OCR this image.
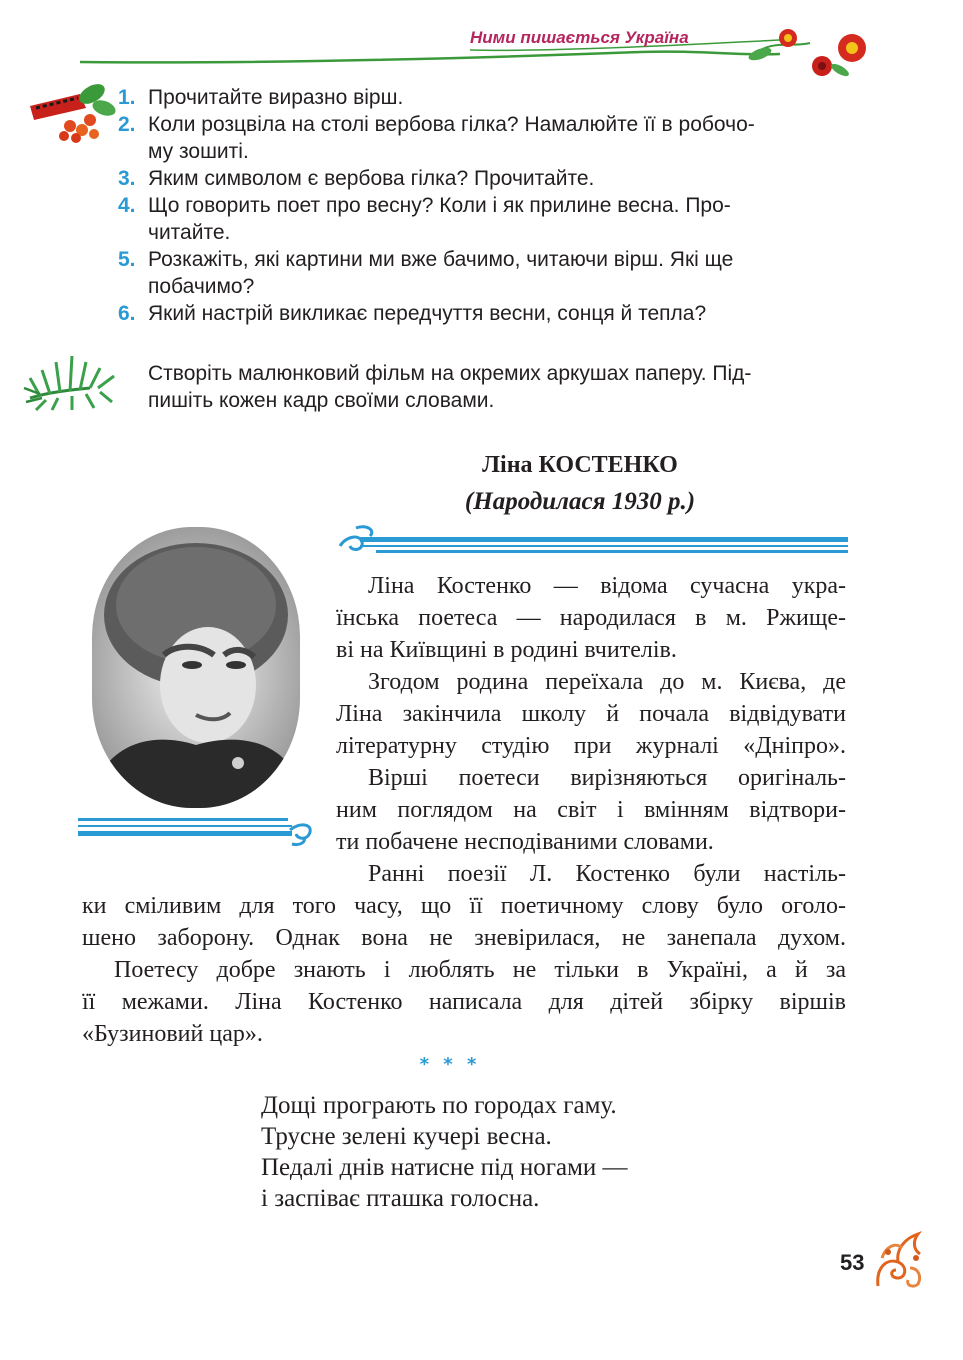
Ними пишається Україна
1. Прочитайте виразно вірш.
2. Коли розцвіла на столі вербова гілка? Намалюйте її в робочо-
му зошиті.
3. Яким символом є вербова гілка? Прочитайте.
4. Що говорить поет про весну? Коли і як прилине весна. Про-
читайте.
5. Розкажіть, які картини ми вже бачимо, читаючи вірш. Які ще
побачимо?
6. Який настрій викликає передчуття весни, сонця й тепла?
Створіть малюнковий фільм на окремих аркушах паперу. Під-
пишіть кожен кадр своїми словами.
Ліна КОСТЕНКО
(Народилася 1930 р.)
Ліна Костенко — відома сучасна укра-
їнська поетеса — народилася в м. Ржище-
ві на Київщині в родині вчителів.
Згодом родина переїхала до м. Києва, де
Ліна закінчила школу й почала відвідувати
літературну студію при журналі «Дніпро».
Вірші поетеси вирізняються оригіналь-
ним поглядом на світ і вмінням відтвори-
ти побачене несподіваними словами.
Ранні поезії Л. Костенко були настіль-
ки сміливим для того часу, що її поетичному слову було оголо-
шено заборону. Однак вона не зневірилася, не занепала духом.
Поетесу добре знають і люблять не тільки в Україні, а й за
її межами. Ліна Костенко написала для дітей збірку віршів
«Бузиновий цар».
* * *
Дощі програють по городах гаму.
Трусне зелені кучері весна.
Педалі днів натисне під ногами —
і заспіває пташка голосна.
53
